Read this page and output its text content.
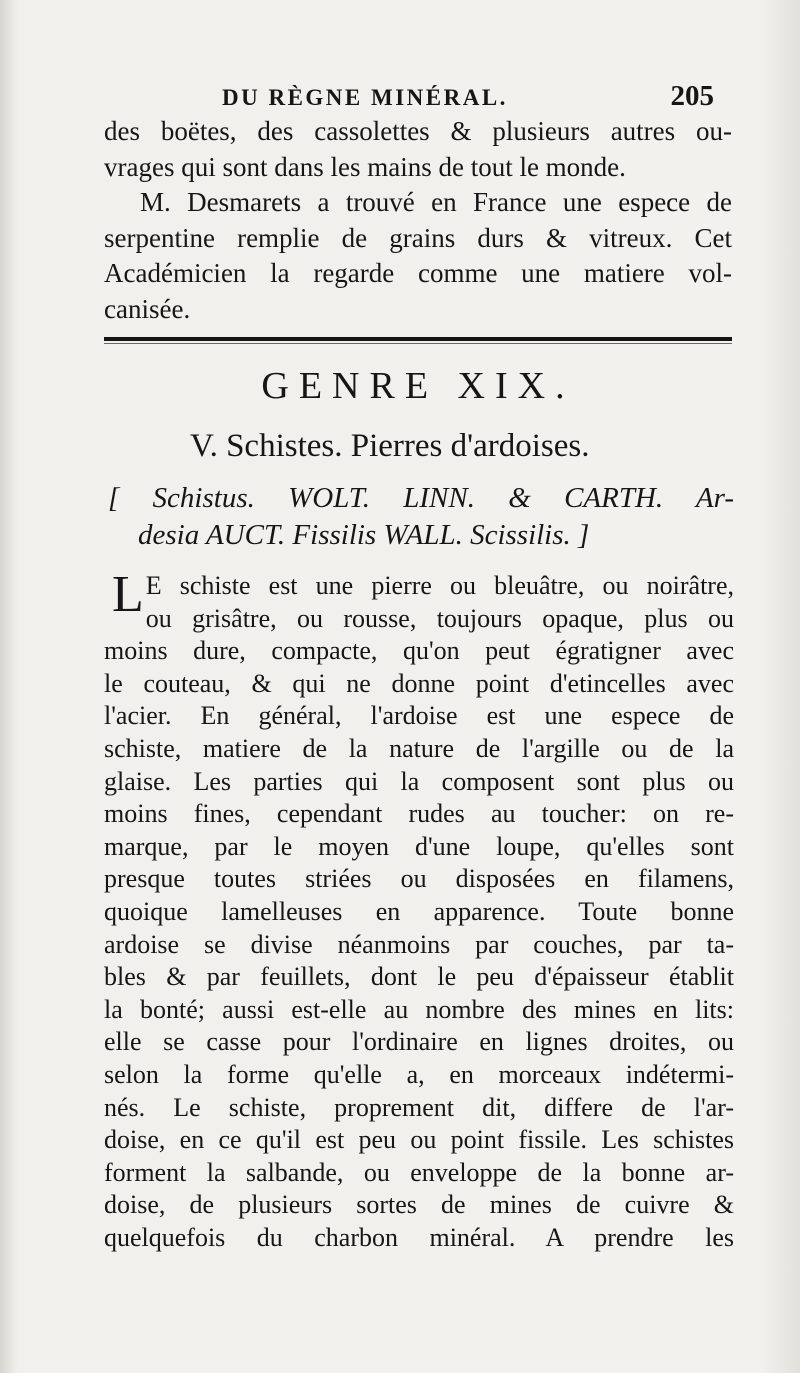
DU RÈGNE MINÉRAL.	205
des boëtes, des cassolettes & plusieurs autres ou-
vrages qui sont dans les mains de tout le monde.
M. Desmarets a trouvé en France une espece de
serpentine remplie de grains durs & vitreux. Cet
Académicien la regarde comme une matiere vol-
canisée.
GENRE XIX.
V. Schistes. Pierres d'ardoises.
[ Schistus. WOLT. LINN. & CARTH. Ar-
desia AUCT. Fissilis WALL. Scissilis. ]
L E schiste est une pierre ou bleuâtre, ou noirâtre,
ou grisâtre, ou rousse, toujours opaque, plus ou
moins dure, compacte, qu'on peut égratigner avec
le couteau, & qui ne donne point d'etincelles avec
l'acier. En général, l'ardoise est une espece de
schiste, matiere de la nature de l'argille ou de la
glaise. Les parties qui la composent sont plus ou
moins fines, cependant rudes au toucher: on re-
marque, par le moyen d'une loupe, qu'elles sont
presque toutes striées ou disposées en filamens,
quoique lamelleuses en apparence. Toute bonne
ardoise se divise néanmoins par couches, par ta-
bles & par feuillets, dont le peu d'épaisseur établit
la bonté; aussi est-elle au nombre des mines en lits:
elle se casse pour l'ordinaire en lignes droites, ou
selon la forme qu'elle a, en morceaux indétermi-
nés. Le schiste, proprement dit, differe de l'ar-
doise, en ce qu'il est peu ou point fissile. Les schistes
forment la salbande, ou enveloppe de la bonne ar-
doise, de plusieurs sortes de mines de cuivre &
quelquefois du charbon minéral. A prendre les
